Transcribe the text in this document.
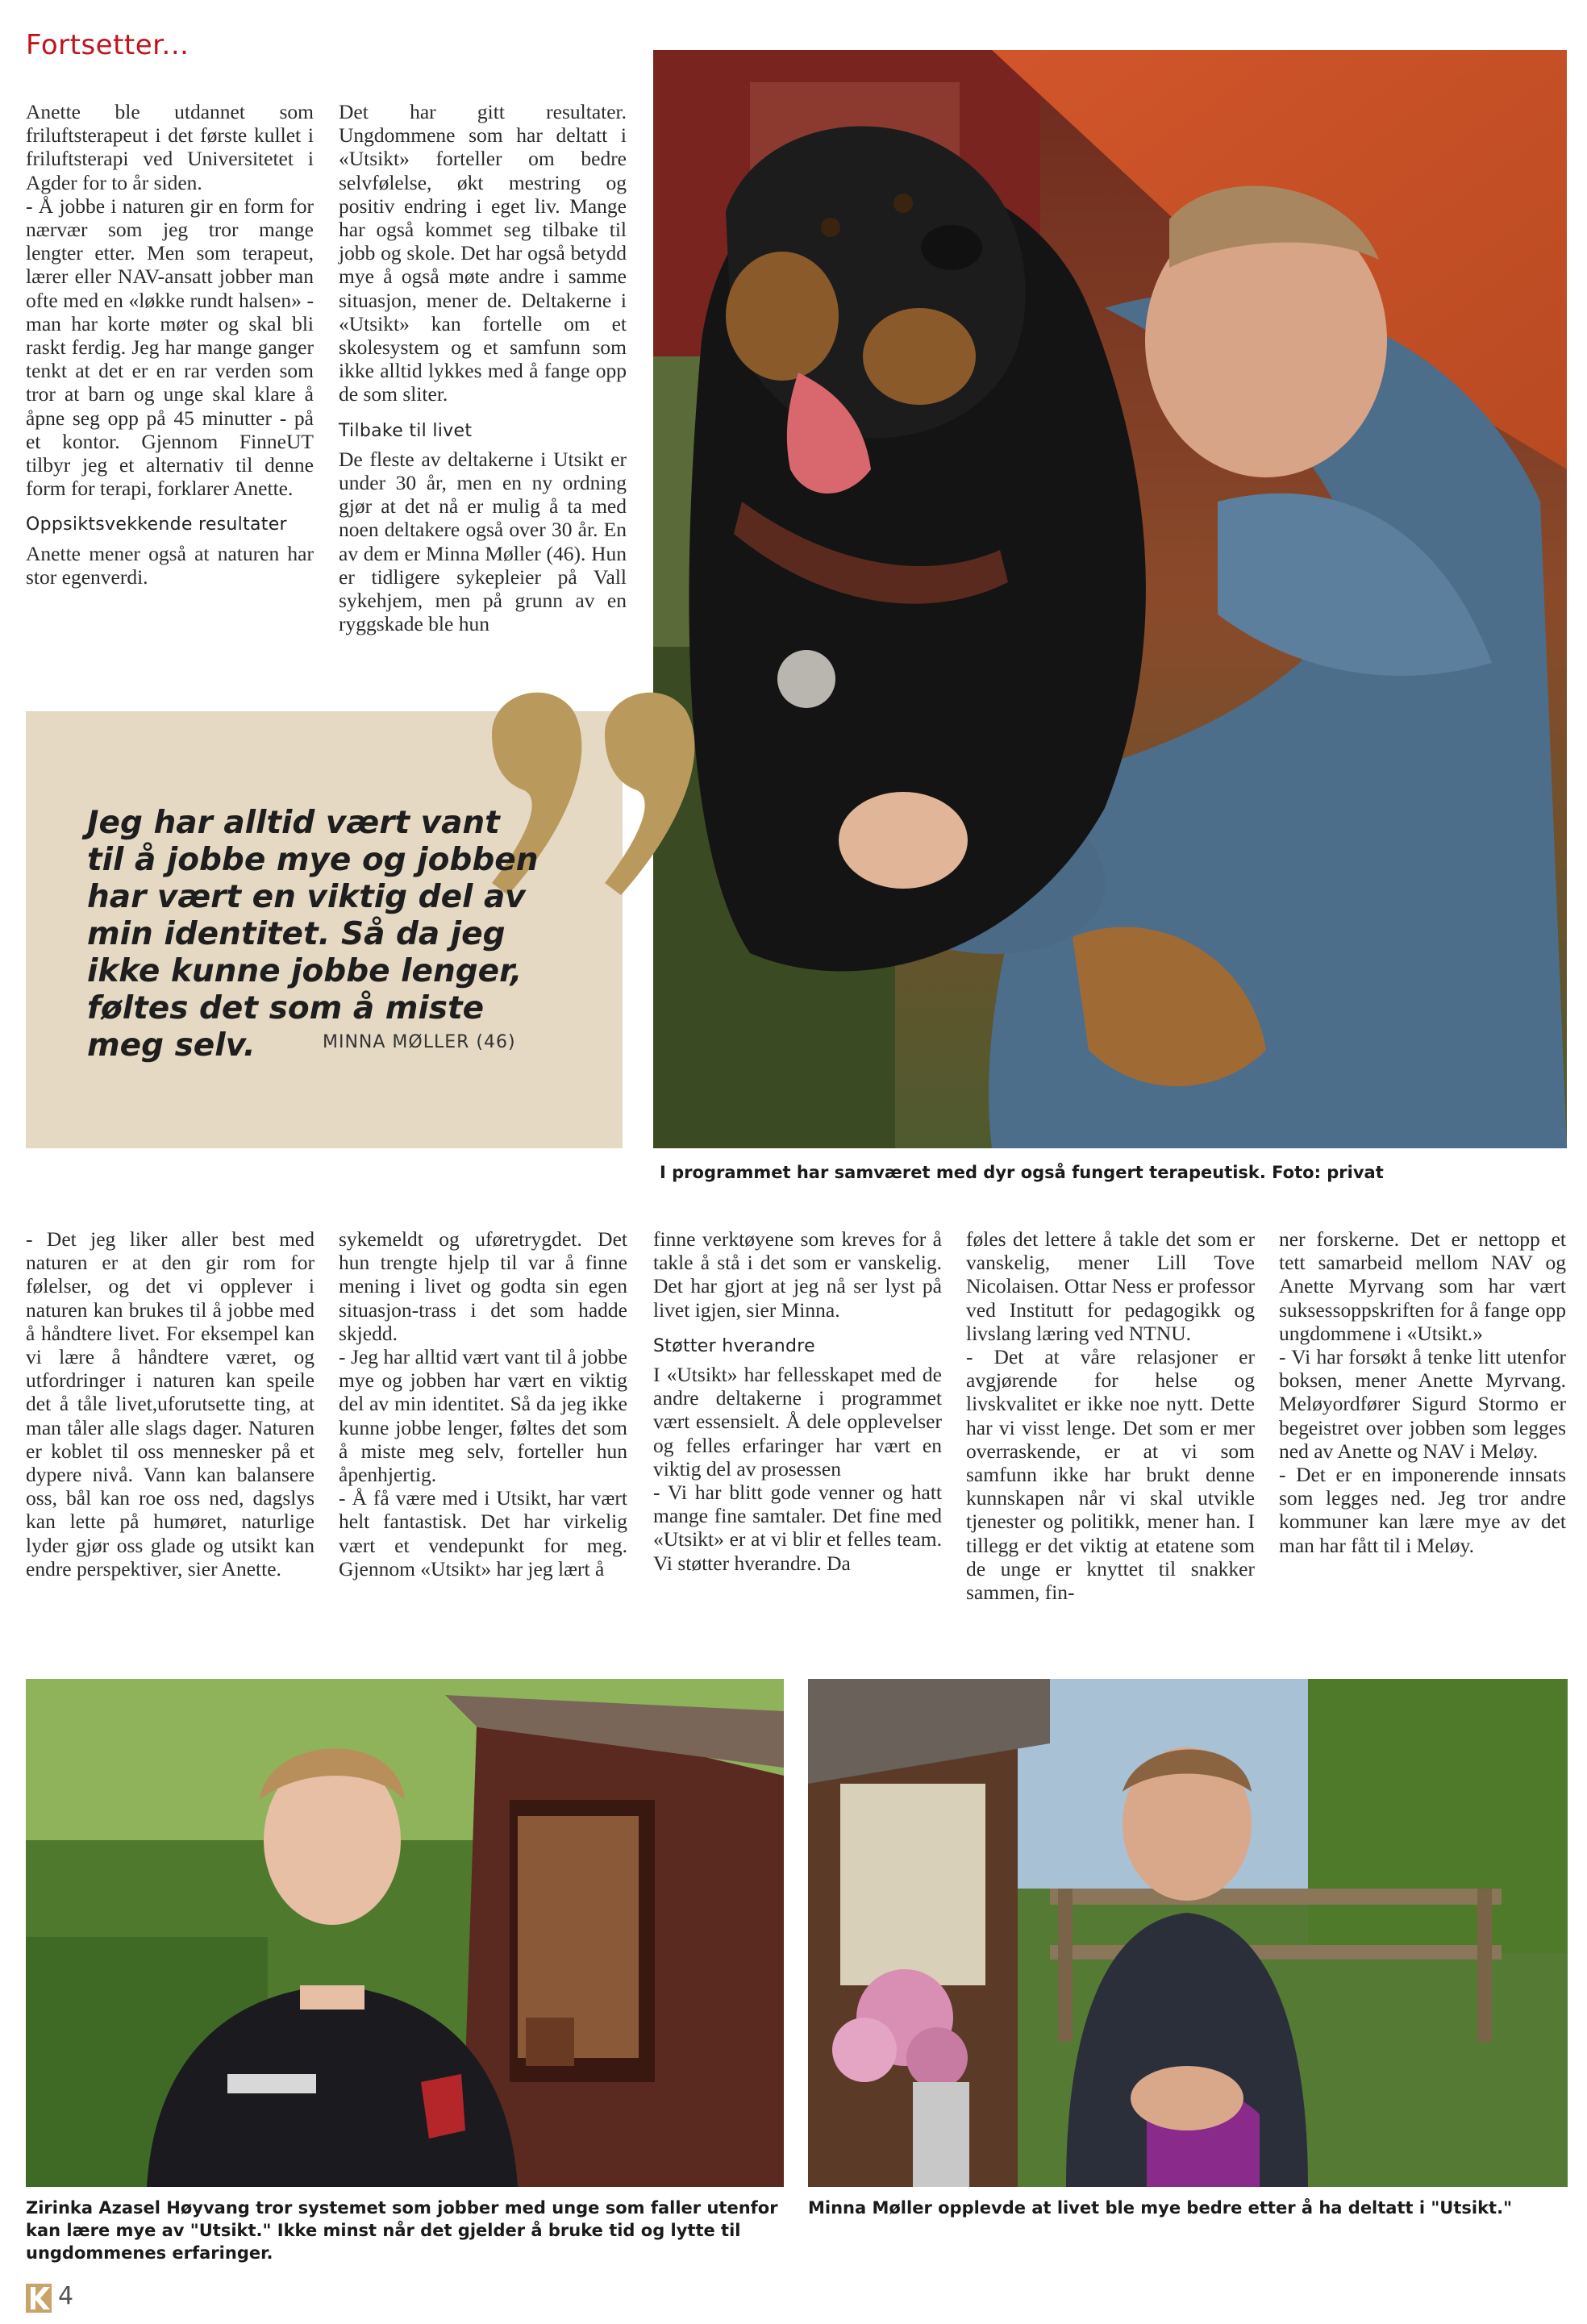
Fortsetter...

Anette ble utdannet som friluftsterapeut i det første kullet i friluftsterapi ved Universitetet i Agder for to år siden.

- Å jobbe i naturen gir en form for nærvær som jeg tror mange lengter etter. Men som terapeut, lærer eller NAV-ansatt jobber man ofte med en «løkke rundt halsen» - man har korte møter og skal bli raskt ferdig. Jeg har mange ganger tenkt at det er en rar verden som tror at barn og unge skal klare å åpne seg opp på 45 minutter - på et kontor. Gjennom FinneUT tilbyr jeg et alternativ til denne form for terapi, forklarer Anette.

Oppsiktsvekkende resultater

Anette mener også at naturen har stor egenverdi.

Det har gitt resultater. Ungdommene som har deltatt i «Utsikt» forteller om bedre selvfølelse, økt mestring og positiv endring i eget liv. Mange har også kommet seg tilbake til jobb og skole. Det har også betydd mye å også møte andre i samme situasjon, mener de. Deltakerne i «Utsikt» kan fortelle om et skolesystem og et samfunn som ikke alltid lykkes med å fange opp de som sliter.

Tilbake til livet

De fleste av deltakerne i Utsikt er under 30 år, men en ny ordning gjør at det nå er mulig å ta med noen deltakere også over 30 år. En av dem er Minna Møller (46). Hun er tidligere sykepleier på Vall sykehjem, men på grunn av en ryggskade ble hun

Jeg har alltid vært vant til å jobbe mye og jobben har vært en viktig del av min identitet. Så da jeg ikke kunne jobbe lenger, føltes det som å miste meg selv.	MINNA MØLLER (46)
I programmet har samværet med dyr også fungert terapeutisk. Foto: privat

- Det jeg liker aller best med naturen er at den gir rom for følelser, og det vi opplever i naturen kan brukes til å jobbe med å håndtere livet. For eksempel kan vi lære å håndtere været, og utfordringer i naturen kan speile det å tåle livet,uforutsette ting, at man tåler alle slags dager. Naturen er koblet til oss mennesker på et dypere nivå. Vann kan balansere oss, bål kan roe oss ned, dagslys kan lette på humøret, naturlige lyder gjør oss glade og utsikt kan endre perspektiver, sier Anette.

sykemeldt og uføretrygdet. Det hun trengte hjelp til var å finne mening i livet og godta sin egen situasjon-trass i det som hadde skjedd.

- Jeg har alltid vært vant til å jobbe mye og jobben har vært en viktig del av min identitet. Så da jeg ikke kunne jobbe lenger, føltes det som å miste meg selv, forteller hun åpenhjertig.

- Å få være med i Utsikt, har vært helt fantastisk. Det har virkelig vært et vendepunkt for meg. Gjennom «Utsikt» har jeg lært å

finne verktøyene som kreves for å takle å stå i det som er vanskelig. Det har gjort at jeg nå ser lyst på livet igjen, sier Minna.

Støtter hverandre

I «Utsikt» har fellesskapet med de andre deltakerne i programmet vært essensielt. Å dele opplevelser og felles erfaringer har vært en viktig del av prosessen

- Vi har blitt gode venner og hatt mange fine samtaler. Det fine med «Utsikt» er at vi blir et felles team. Vi støtter hverandre. Da

føles det lettere å takle det som er vanskelig, mener Lill Tove Nicolaisen. Ottar Ness er professor ved Institutt for pedagogikk og livslang læring ved NTNU.

- Det at våre relasjoner er avgjørende for helse og livskvalitet er ikke noe nytt. Dette har vi visst lenge. Det som er mer overraskende, er at vi som samfunn ikke har brukt denne kunnskapen når vi skal utvikle tjenester og politikk, mener han. I tillegg er det viktig at etatene som de unge er knyttet til snakker sammen, fin-

ner forskerne. Det er nettopp et tett samarbeid mellom NAV og Anette Myrvang som har vært suksessoppskriften for å fange opp ungdommene i «Utsikt.»

- Vi har forsøkt å tenke litt utenfor boksen, mener Anette Myrvang. Meløyordfører Sigurd Stormo er begeistret over jobben som legges ned av Anette og NAV i Meløy.

- Det er en imponerende innsats som legges ned. Jeg tror andre kommuner kan lære mye av det man har fått til i Meløy.

Zirinka Azasel Høyvang tror systemet som jobber med unge som faller utenfor kan lære mye av "Utsikt." Ikke minst når det gjelder å bruke tid og lytte til ungdommenes erfaringer.
Minna Møller opplevde at livet ble mye bedre etter å ha deltatt i "Utsikt."
4
